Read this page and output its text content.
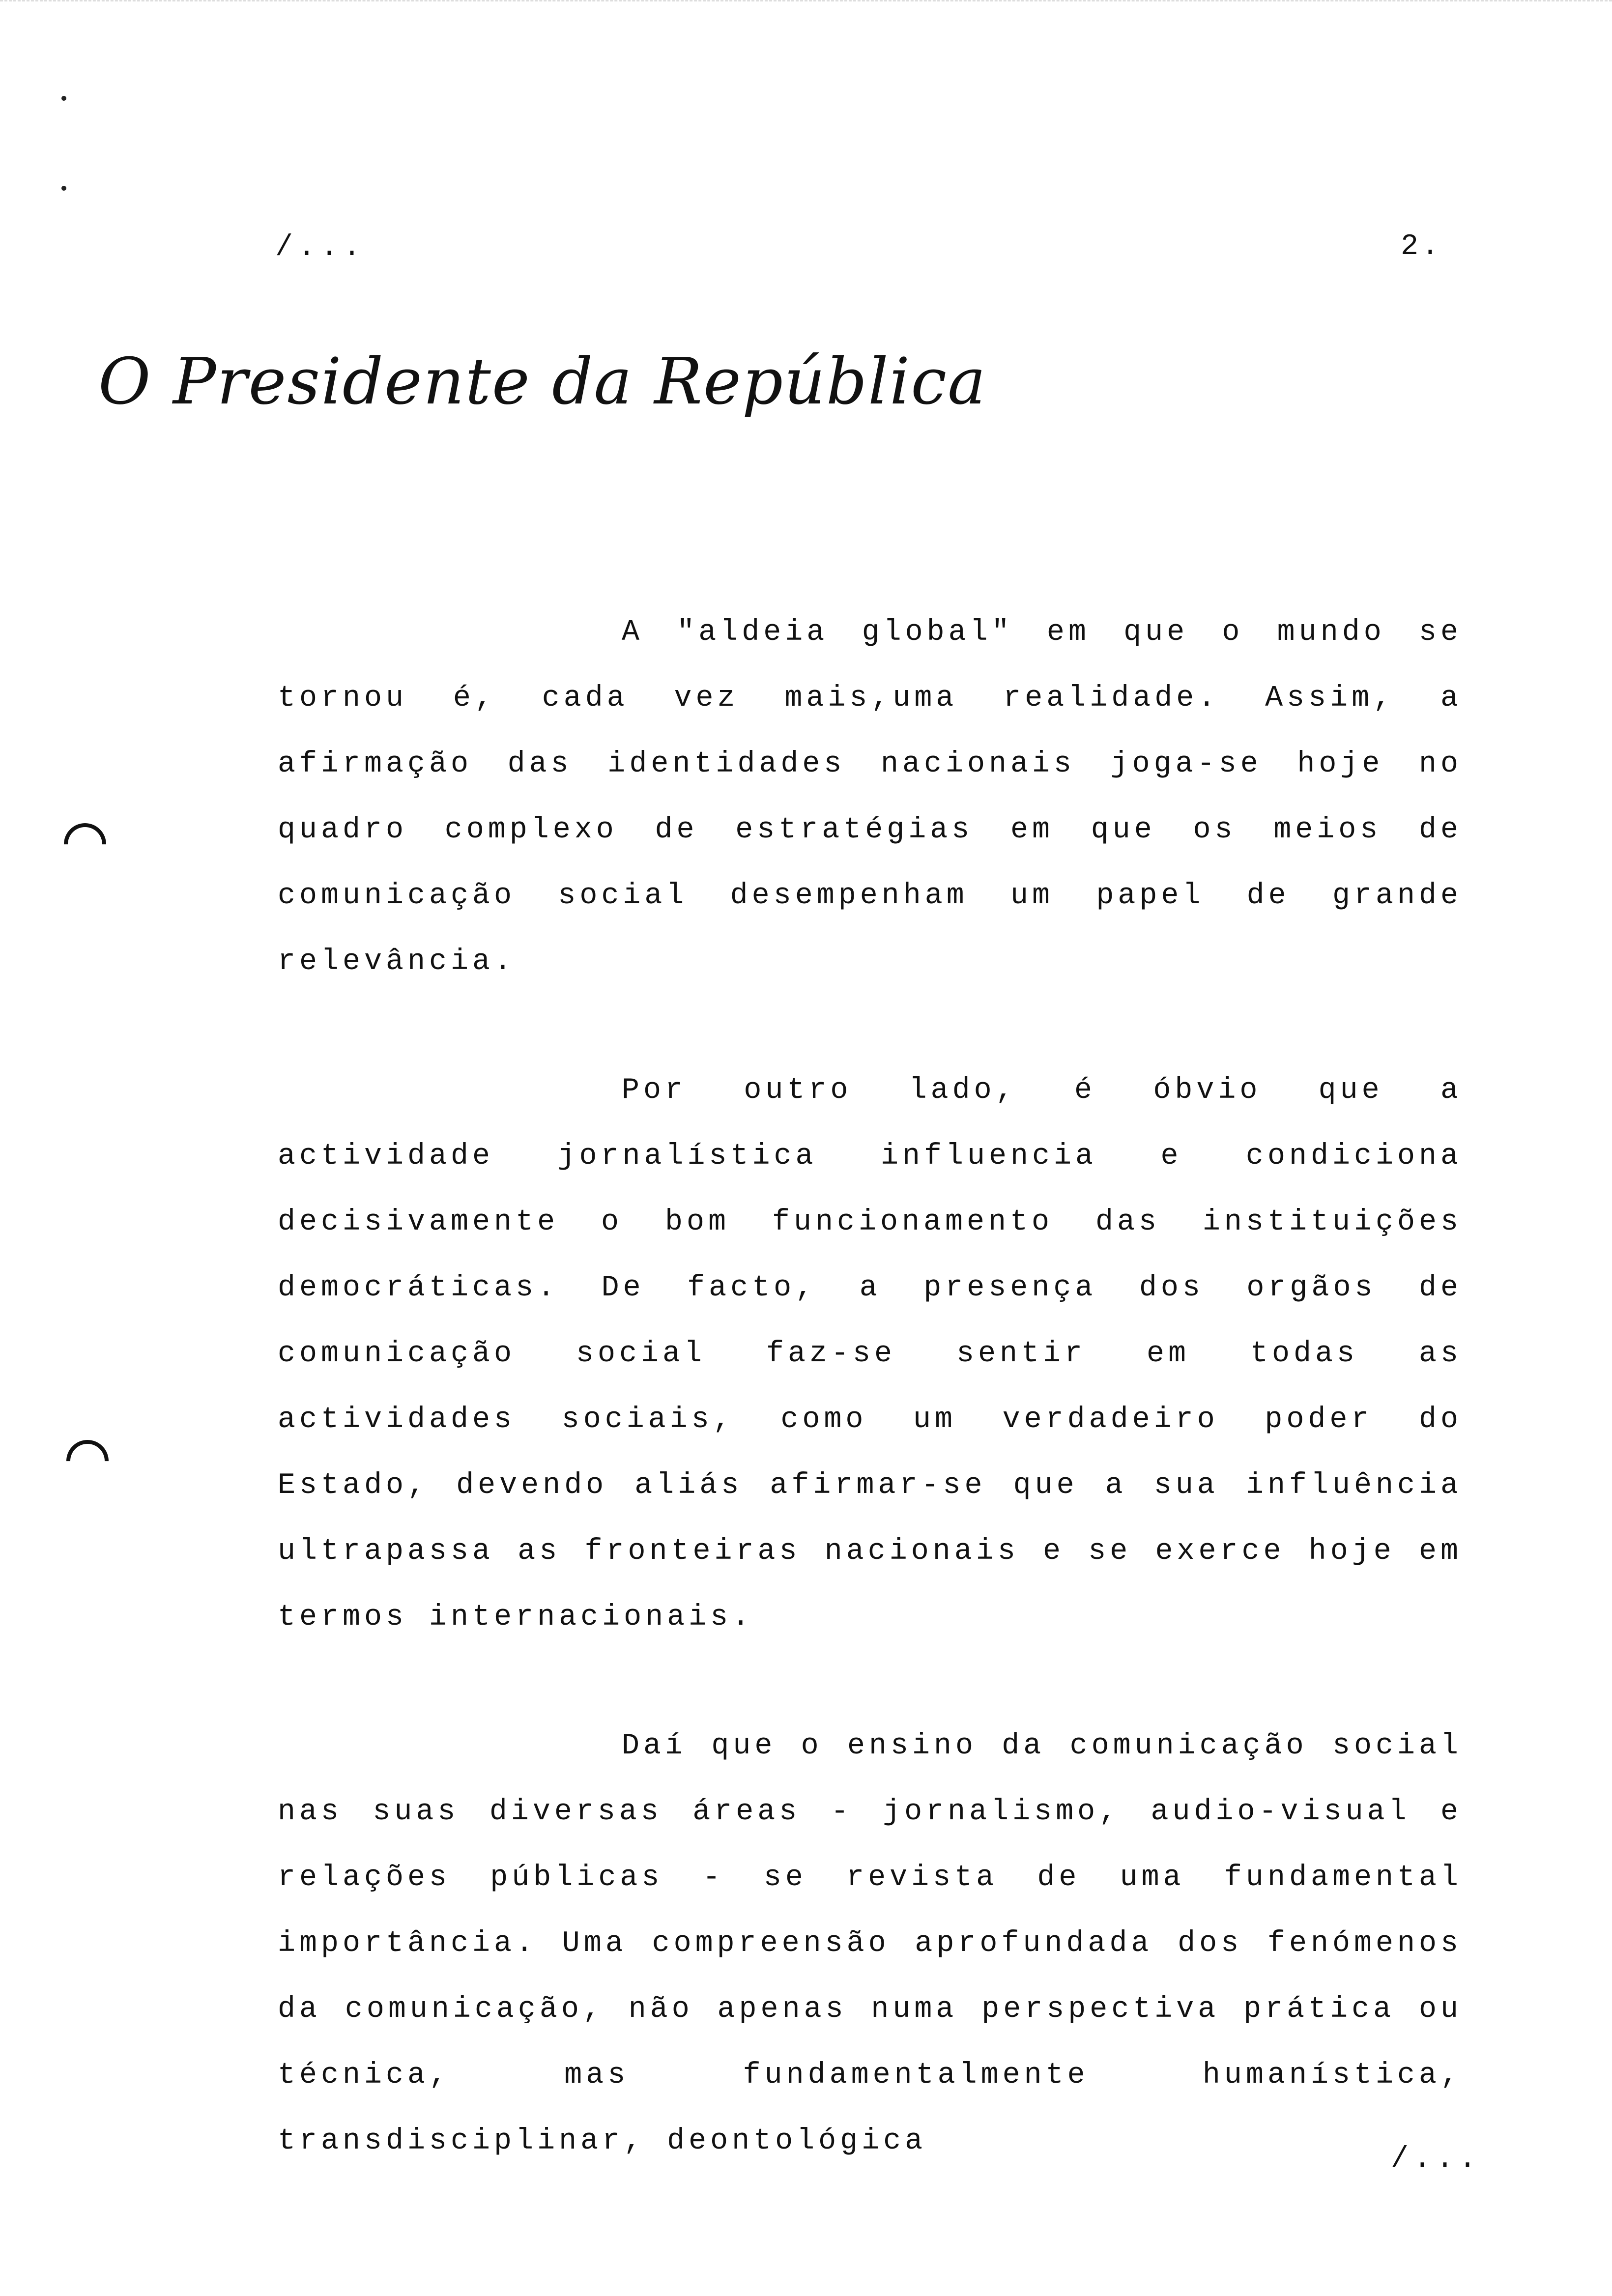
/...	2.
O Presidente da República

A "aldeia global" em que o mundo se tornou é, cada vez mais,uma realidade. Assim, a afirmação das identidades nacionais joga-se hoje no quadro complexo de estratégias em que os meios de comunicação social desempenham um papel de grande relevância.

Por outro lado, é óbvio que a actividade jornalística influencia e condiciona decisivamente o bom funcionamento das instituições democráticas. De facto, a presença dos orgãos de comunicação social faz-se sentir em todas as actividades sociais, como um verdadeiro poder do Estado, devendo aliás afirmar-se que a sua influência ultrapassa as fronteiras nacionais e se exerce hoje em termos internacionais.

Daí que o ensino da comunicação social nas suas diversas áreas - jornalismo, audio-visual e relações públicas - se revista de uma fundamental importância. Uma compreensão aprofundada dos fenómenos da comunicação, não apenas numa perspectiva prática ou técnica, mas fundamentalmente humanística, transdisciplinar, deontológica

/...
